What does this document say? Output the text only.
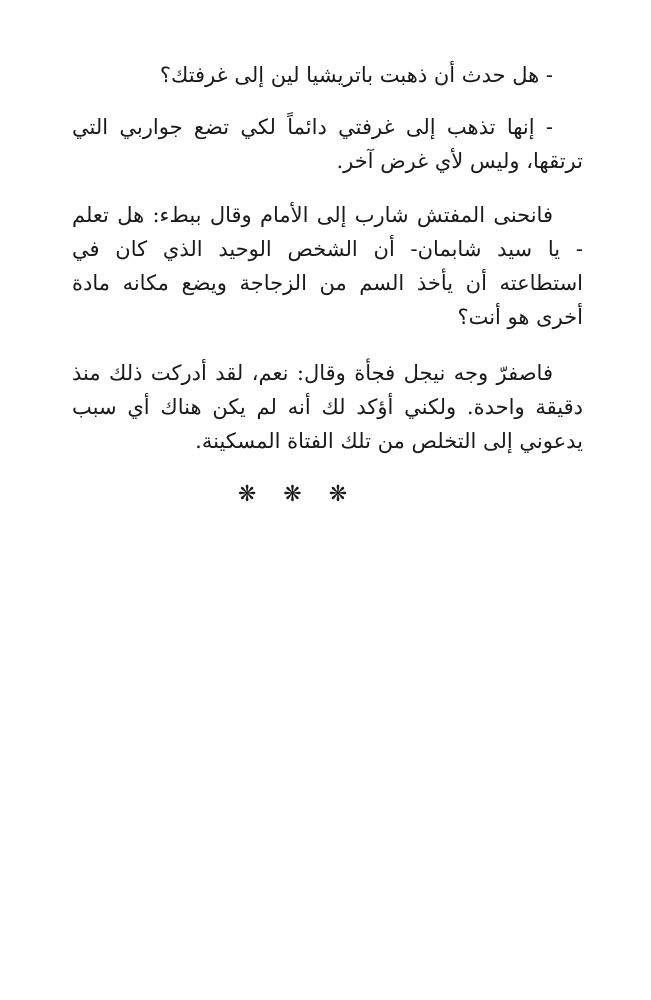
- هل حدث أن ذهبت باتريشيا لين إلى غرفتك؟

- إنها تذهب إلى غرفتي دائماً لكي تضع جواربي التي ترتقها، وليس لأي غرض آخر.

فانحنى المفتش شارب إلى الأمام وقال ببطء: هل تعلم - يا سيد شابمان- أن الشخص الوحيد الذي كان في استطاعته أن يأخذ السم من الزجاجة ويضع مكانه مادة أخرى هو أنت؟

فاصفرّ وجه نيجل فجأة وقال: نعم، لقد أدركت ذلك منذ دقيقة واحدة. ولكني أؤكد لك أنه لم يكن هناك أي سبب يدعوني إلى التخلص من تلك الفتاة المسكينة.

❋ ❋ ❋
